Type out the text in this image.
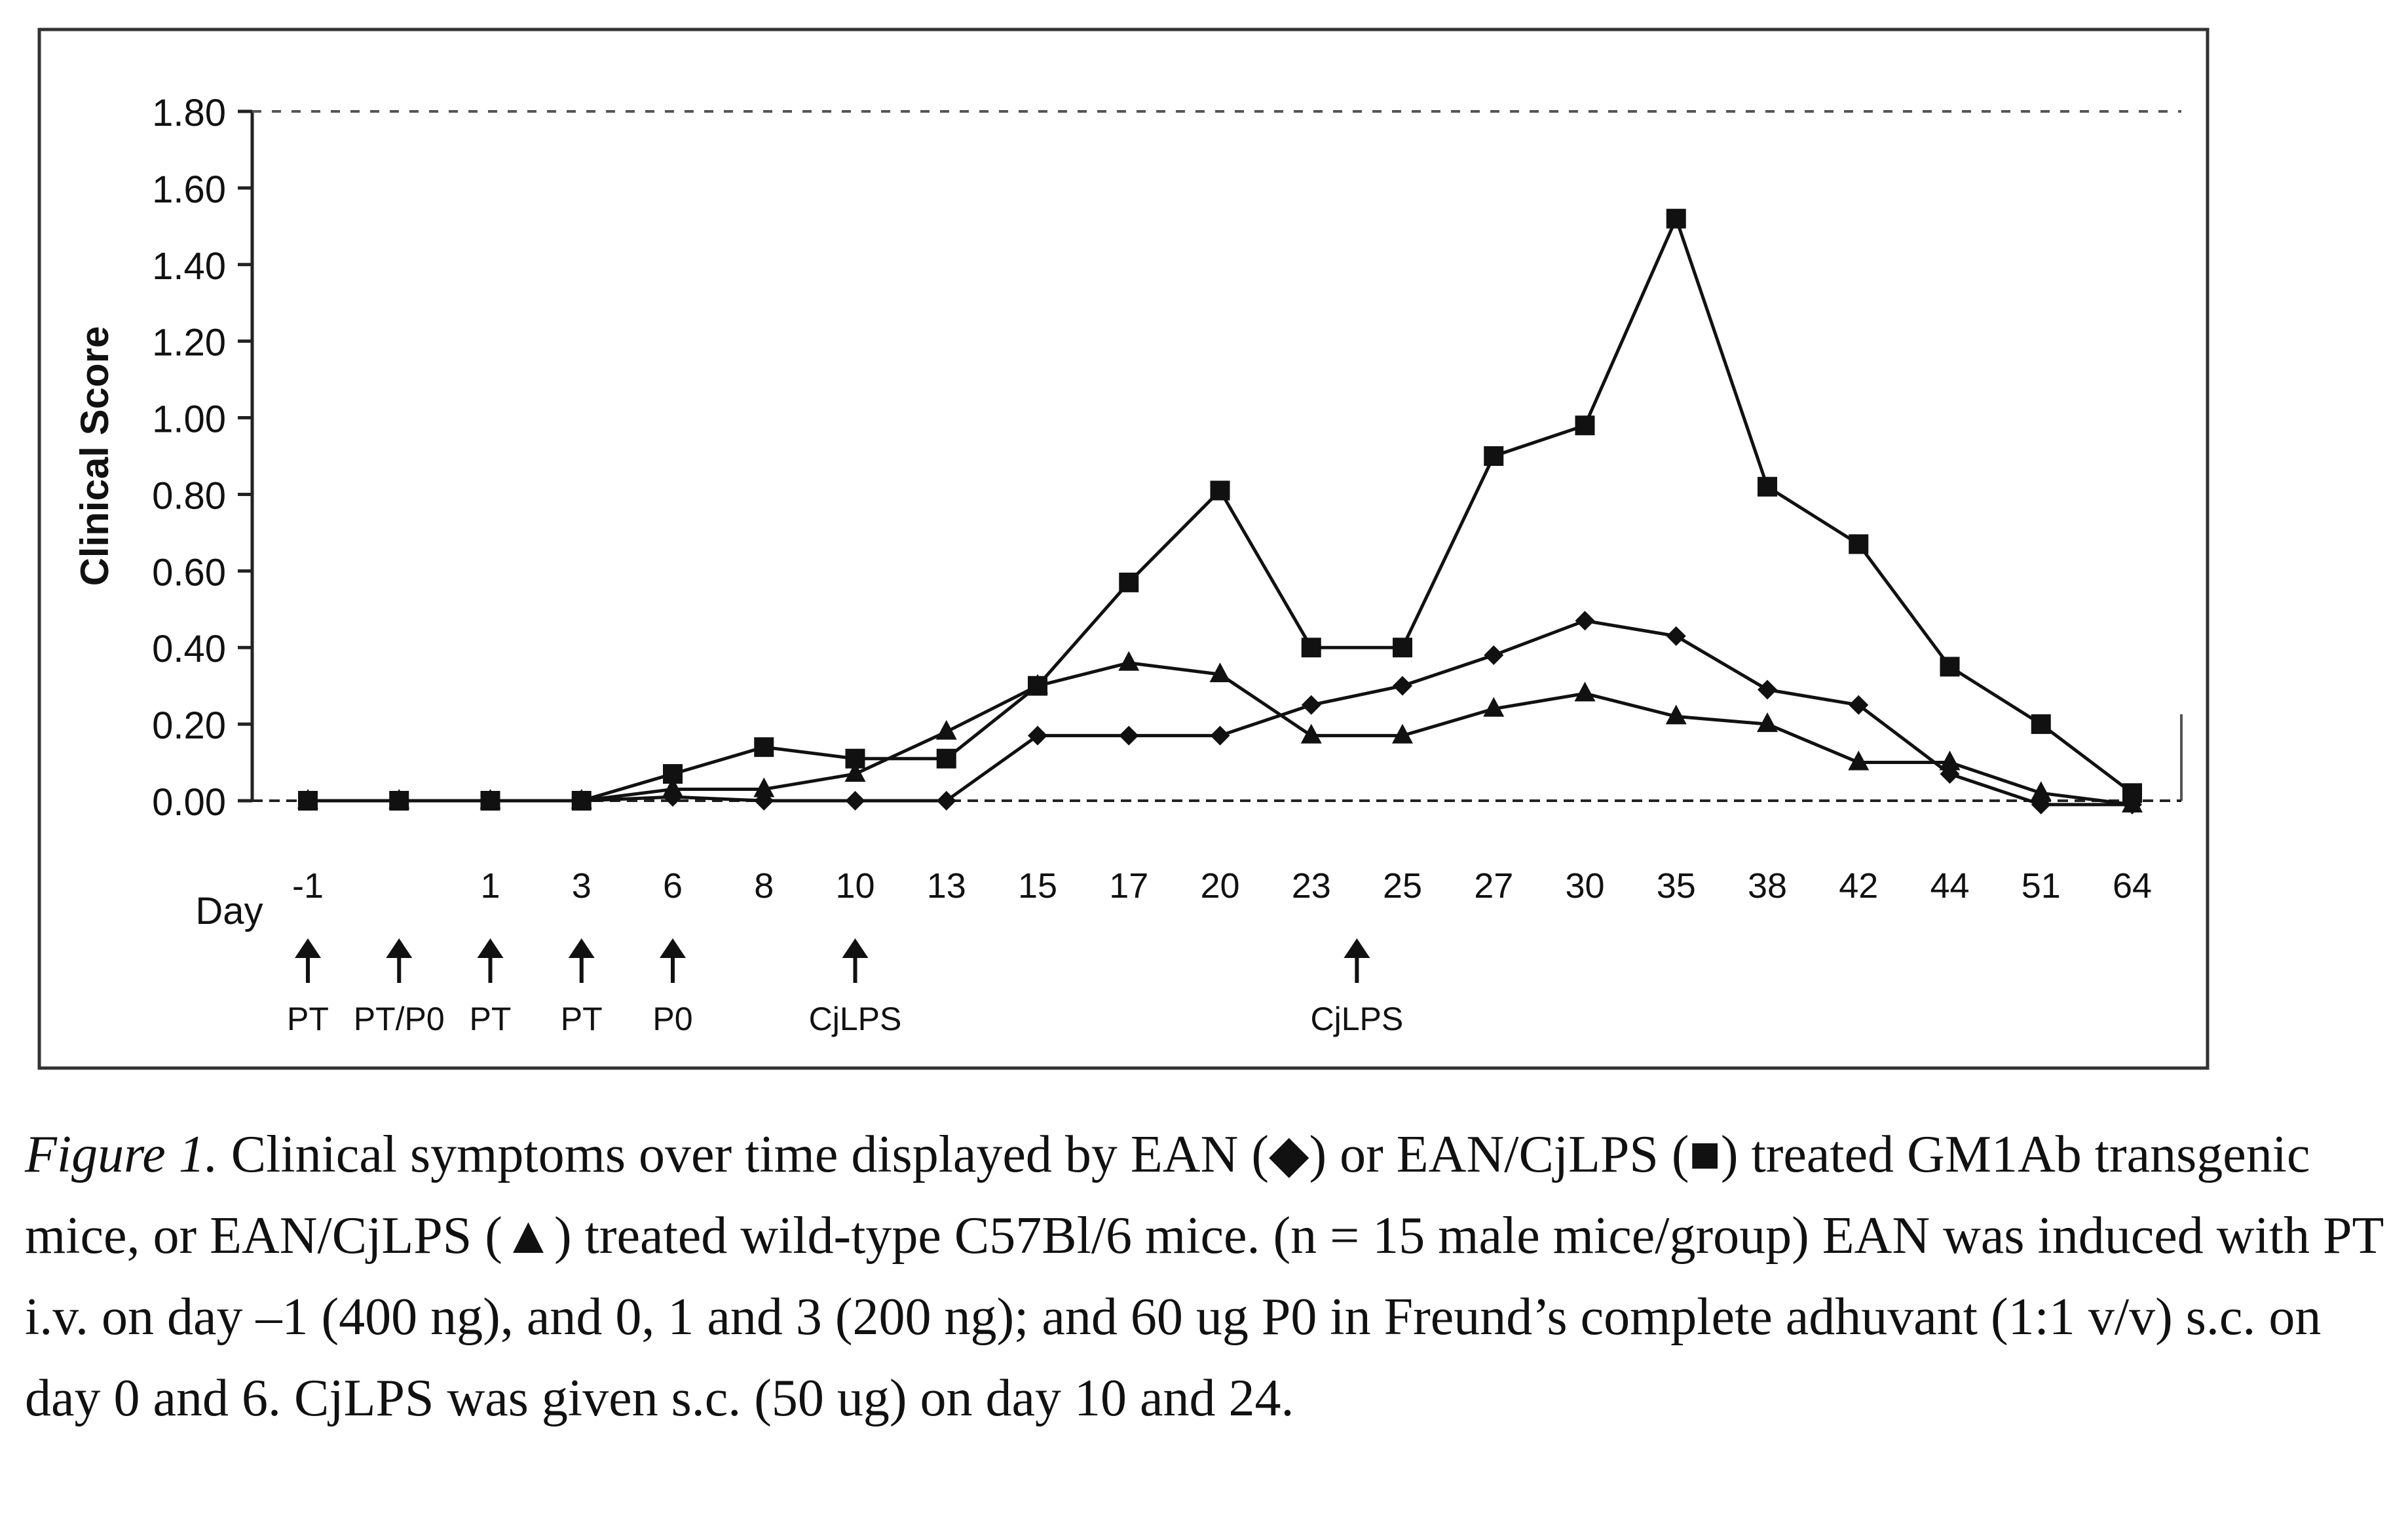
0.00
0.20
0.40
0.60
0.80
1.00
1.20
1.40
1.60
1.80
Clinical Score
-1	1 3 6 8 10 13 15 17 20 23 25 27 30 35 38 42 44 51 64
Day
PT PT/P0 PT PT P0	CjLPS	CjLPS
Figure 1. Clinical symptoms over time displayed by EAN (◆) or EAN/CjLPS (■) treated GM1Ab transgenic mice, or EAN/CjLPS (▲) treated wild-type C57Bl/6 mice. (n = 15 male mice/group) EAN was induced with PT i.v. on day –1 (400 ng), and 0, 1 and 3 (200 ng); and 60 ug P0 in Freund’s complete adhuvant (1:1 v/v) s.c. on day 0 and 6. CjLPS was given s.c. (50 ug) on day 10 and 24.
